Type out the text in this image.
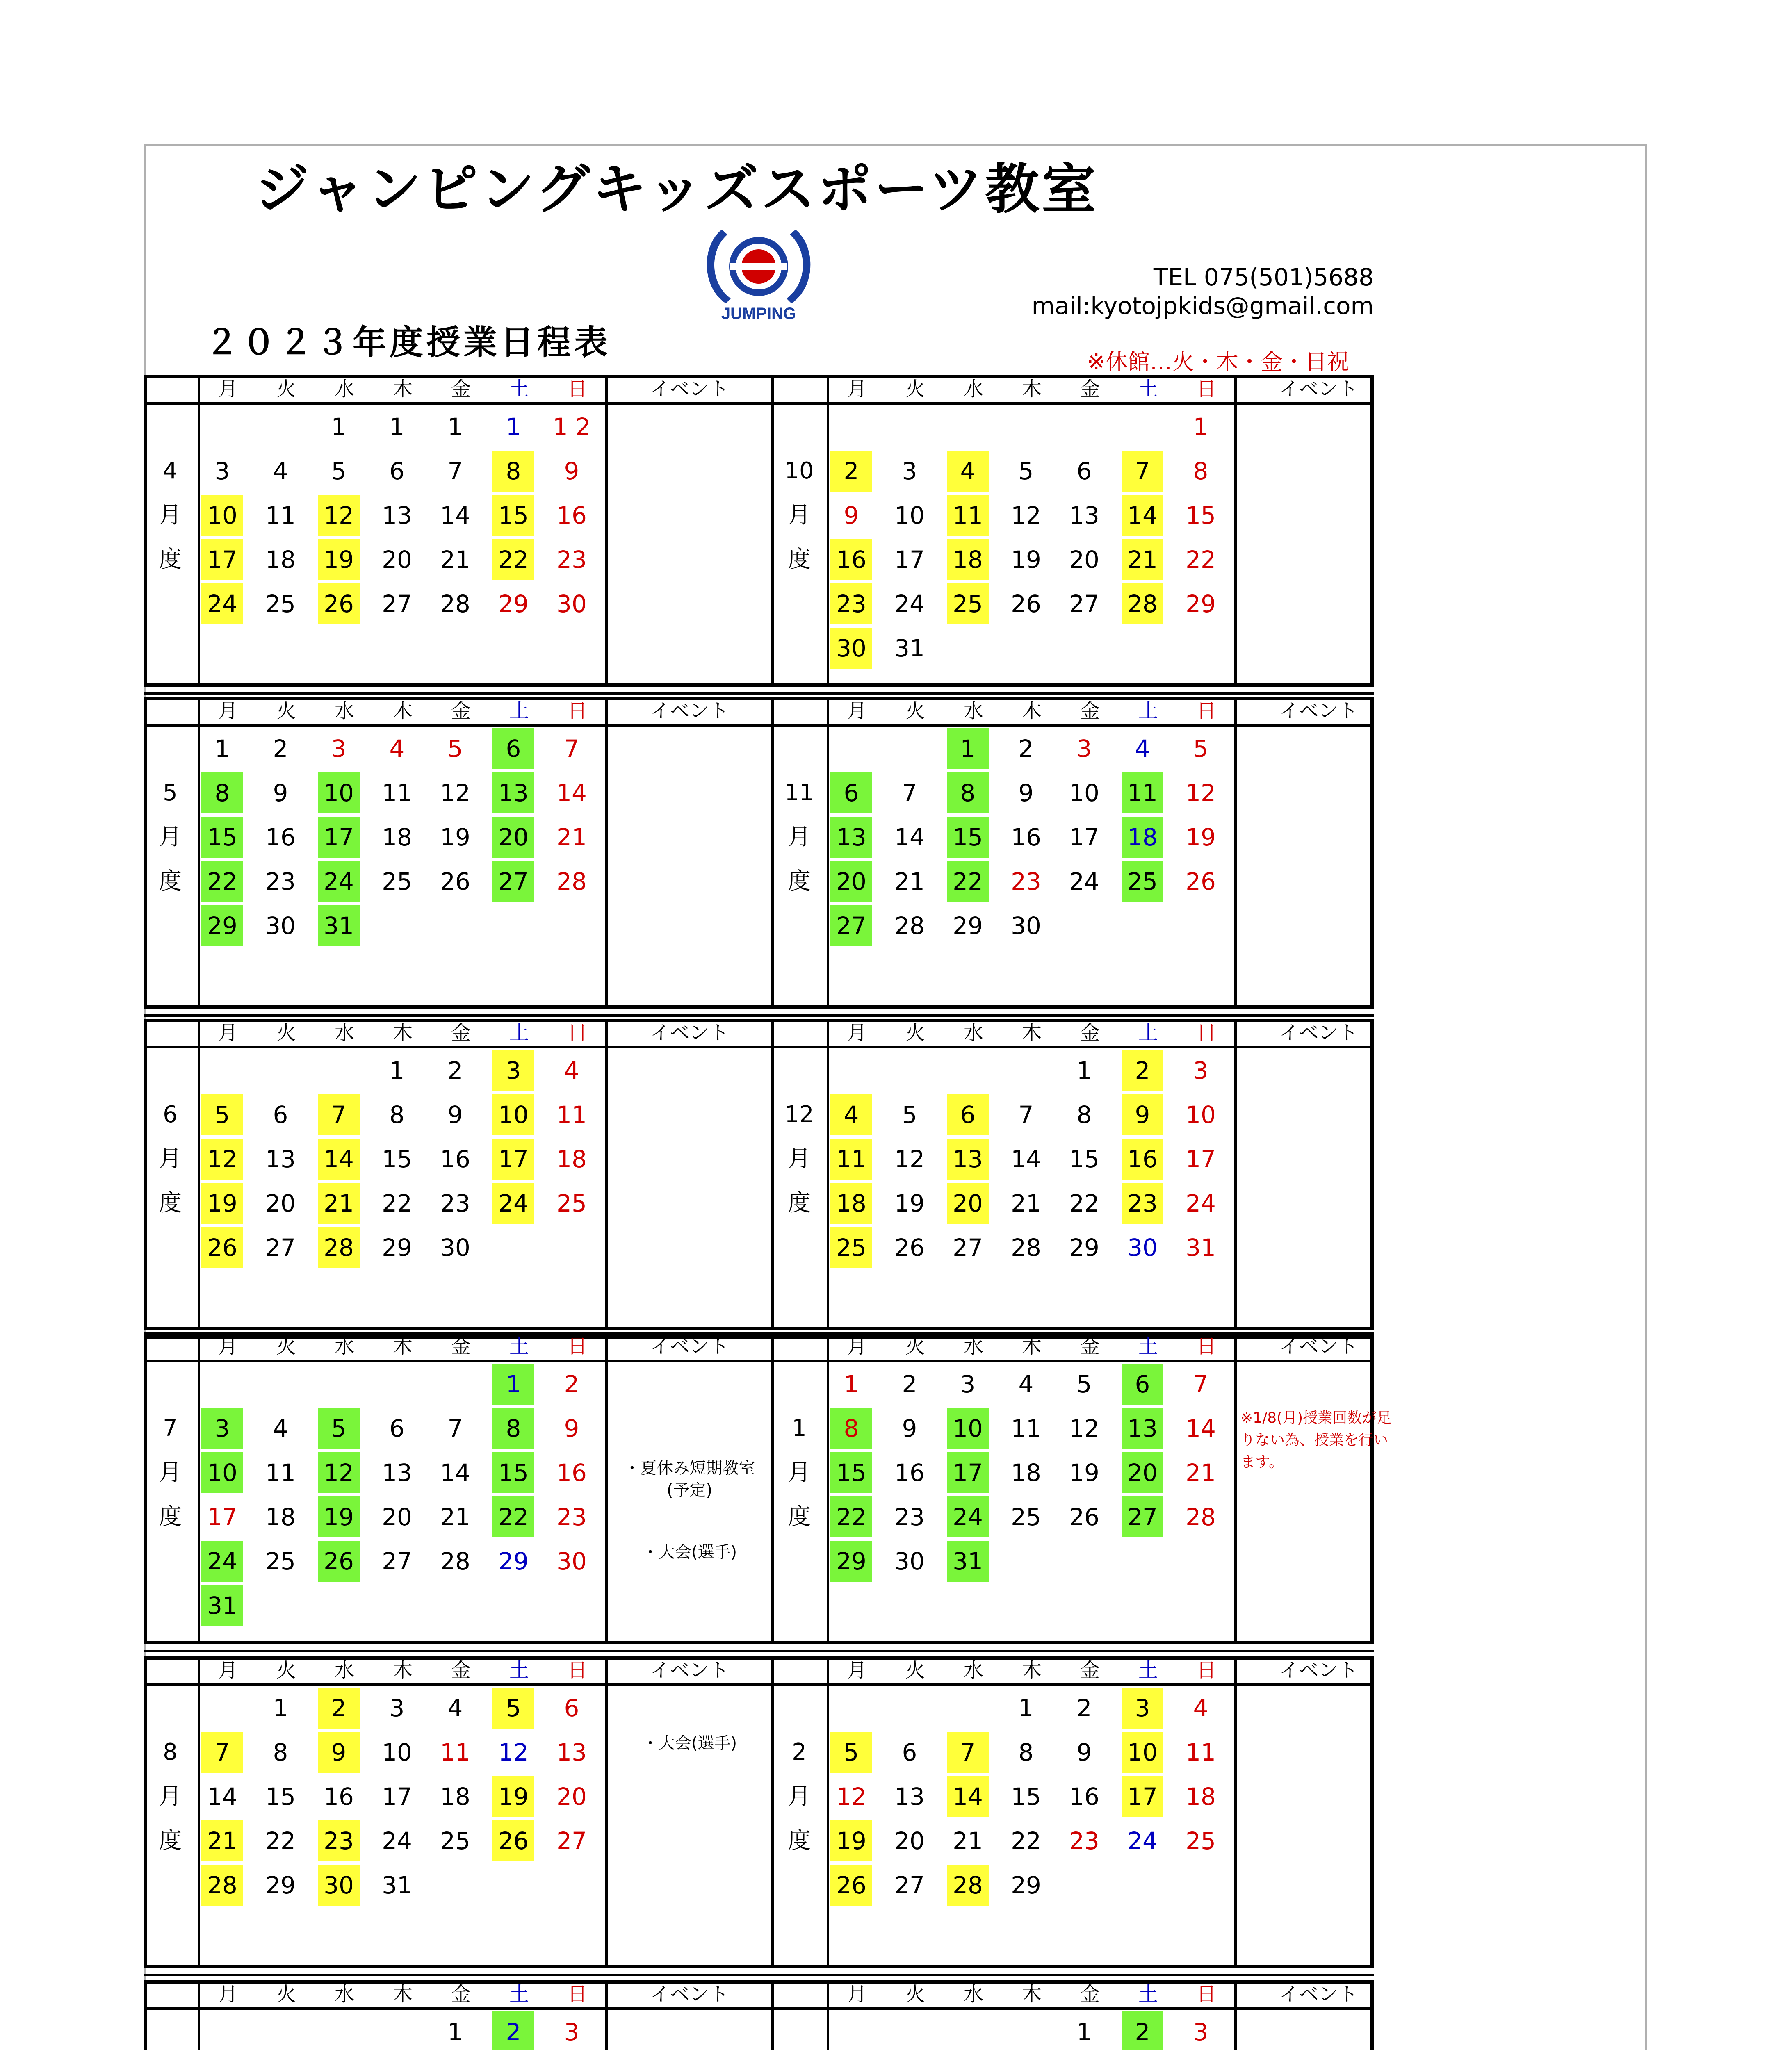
ジャンピングキッズスポーツ教室
JUMPING
TEL 075(501)5688
mail:kyotojpkids@gmail.com
２０２３年度授業日程表	※休館…火・木・金・日祝
月	火	水	木	金	土	日	イベント
4
月
度
1	1	1	1	1 2
3	4	5	6	7	8	9
10 11 12 13 14 15 16
17 18 19 20 21 22 23
24 25 26 27 28 29 30
月	火	水	木	金	土	日	イベント
10
月
度
1
2	3	4	5	6	7	8
9	10 11 12 13 14 15
16 17 18 19 20 21 22
23 24 25 26 27 28 29
30 31
月	火	水	木	金	土	日	イベント
5
月
度
1	2	3	4	5	6	7
8	9	10 11 12 13 14
15 16 17 18 19 20 21
22 23 24 25 26 27 28
29 30 31
月	火	水	木	金	土	日	イベント
11
月
度
1	2	3	4	5
6	7	8	9	10 11 12
13 14 15 16 17 18 19
20 21 22 23 24 25 26
27 28 29 30
月	火	水	木	金	土	日	イベント
6
月
度
1	2	3	4
5	6	7	8	9	10 11
12 13 14 15 16 17 18
19 20 21 22 23 24 25
26 27 28 29 30
月	火	水	木	金	土	日	イベント
12
月
度
1	2	3
4	5	6	7	8	9	10
11 12 13 14 15 16 17
18 19 20 21 22 23 24
25 26 27 28 29 30 31
月	火	水	木	金	土	日	イベント
7
月
度
1	2
3	4	5	6	7	8	9
10 11 12 13 14 15 16
17 18 19 20 21 22 23
24 25 26 27 28 29 30
31
・夏休み短期教室
(予定)
・大会(選手)
月	火	水	木	金	土	日	イベント
1
月
度
1	2	3	4	5	6	7
8	9	10 11 12 13 14
15 16 17 18 19 20 21
22 23 24 25 26 27 28
29 30 31
※1/8(月)授業回数が足
りない為、授業を行い
ます。
月	火	水	木	金	土	日	イベント
8
月
度
1	2	3	4	5	6
7	8	9	10 11 12 13
14 15 16 17 18 19 20
21 22 23 24 25 26 27
28 29 30 31
・大会(選手)
月	火	水	木	金	土	日	イベント
2
月
度
1	2	3	4
5	6	7	8	9	10 11
12 13 14 15 16 17 18
19 20 21 22 23 24 25
26 27 28 29
月	火	水	木	金	土	日	イベント
1	2	3
月	火	水	木	金	土	日	イベント
1	2	3
